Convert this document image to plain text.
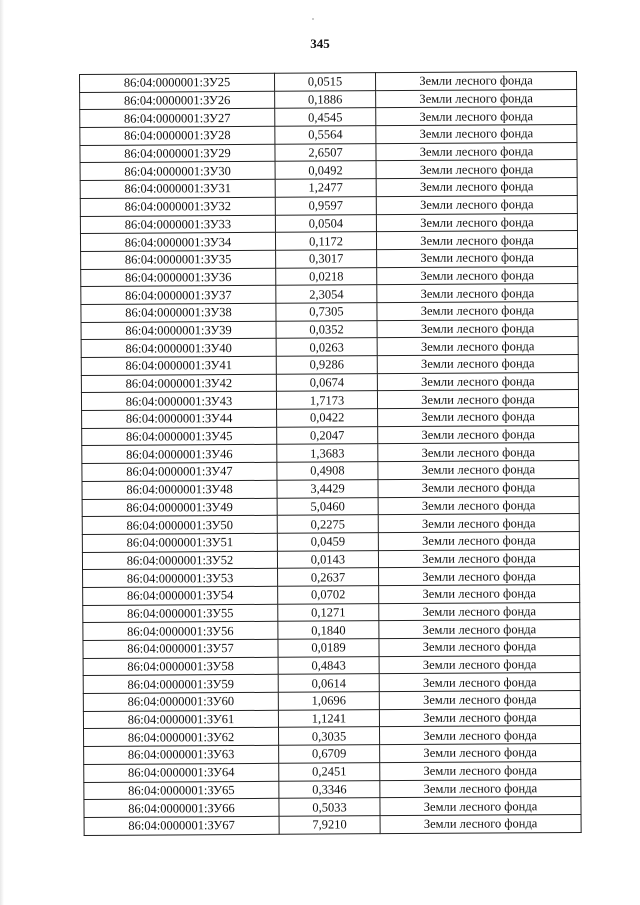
345
86:04:0000001:ЗУ25	0,0515	Земли лесного фонда
86:04:0000001:ЗУ26	0,1886	Земли лесного фонда
86:04:0000001:ЗУ27	0,4545	Земли лесного фонда
86:04:0000001:ЗУ28	0,5564	Земли лесного фонда
86:04:0000001:ЗУ29	2,6507	Земли лесного фонда
86:04:0000001:ЗУ30	0,0492	Земли лесного фонда
86:04:0000001:ЗУ31	1,2477	Земли лесного фонда
86:04:0000001:ЗУ32	0,9597	Земли лесного фонда
86:04:0000001:ЗУ33	0,0504	Земли лесного фонда
86:04:0000001:ЗУ34	0,1172	Земли лесного фонда
86:04:0000001:ЗУ35	0,3017	Земли лесного фонда
86:04:0000001:ЗУ36	0,0218	Земли лесного фонда
86:04:0000001:ЗУ37	2,3054	Земли лесного фонда
86:04:0000001:ЗУ38	0,7305	Земли лесного фонда
86:04:0000001:ЗУ39	0,0352	Земли лесного фонда
86:04:0000001:ЗУ40	0,0263	Земли лесного фонда
86:04:0000001:ЗУ41	0,9286	Земли лесного фонда
86:04:0000001:ЗУ42	0,0674	Земли лесного фонда
86:04:0000001:ЗУ43	1,7173	Земли лесного фонда
86:04:0000001:ЗУ44	0,0422	Земли лесного фонда
86:04:0000001:ЗУ45	0,2047	Земли лесного фонда
86:04:0000001:ЗУ46	1,3683	Земли лесного фонда
86:04:0000001:ЗУ47	0,4908	Земли лесного фонда
86:04:0000001:ЗУ48	3,4429	Земли лесного фонда
86:04:0000001:ЗУ49	5,0460	Земли лесного фонда
86:04:0000001:ЗУ50	0,2275	Земли лесного фонда
86:04:0000001:ЗУ51	0,0459	Земли лесного фонда
86:04:0000001:ЗУ52	0,0143	Земли лесного фонда
86:04:0000001:ЗУ53	0,2637	Земли лесного фонда
86:04:0000001:ЗУ54	0,0702	Земли лесного фонда
86:04:0000001:ЗУ55	0,1271	Земли лесного фонда
86:04:0000001:ЗУ56	0,1840	Земли лесного фонда
86:04:0000001:ЗУ57	0,0189	Земли лесного фонда
86:04:0000001:ЗУ58	0,4843	Земли лесного фонда
86:04:0000001:ЗУ59	0,0614	Земли лесного фонда
86:04:0000001:ЗУ60	1,0696	Земли лесного фонда
86:04:0000001:ЗУ61	1,1241	Земли лесного фонда
86:04:0000001:ЗУ62	0,3035	Земли лесного фонда
86:04:0000001:ЗУ63	0,6709	Земли лесного фонда
86:04:0000001:ЗУ64	0,2451	Земли лесного фонда
86:04:0000001:ЗУ65	0,3346	Земли лесного фонда
86:04:0000001:ЗУ66	0,5033	Земли лесного фонда
86:04:0000001:ЗУ67	7,9210	Земли лесного фонда
